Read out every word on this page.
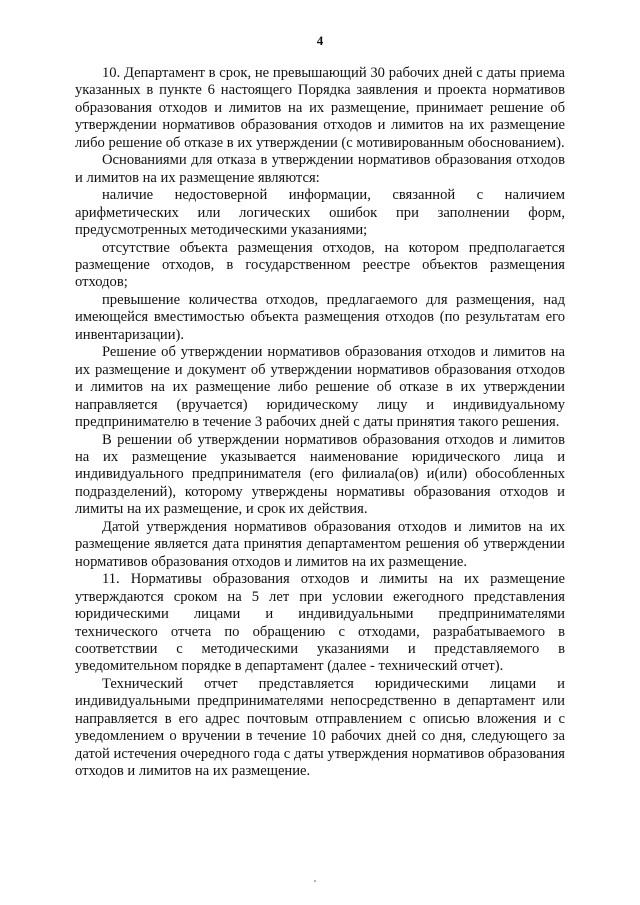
4

10. Департамент в срок, не превышающий 30 рабочих дней с даты приема указанных в пункте 6 настоящего Порядка заявления и проекта нормативов образования отходов и лимитов на их размещение, принимает решение об утверждении нормативов образования отходов и лимитов на их размещение либо решение об отказе в их утверждении (с мотивированным обоснованием).

Основаниями для отказа в утверждении нормативов образования отходов и лимитов на их размещение являются:

наличие недостоверной информации, связанной с наличием арифметических или логических ошибок при заполнении форм, предусмотренных методическими указаниями;

отсутствие объекта размещения отходов, на котором предполагается размещение отходов, в государственном реестре объектов размещения отходов;

превышение количества отходов, предлагаемого для размещения, над имеющейся вместимостью объекта размещения отходов (по результатам его инвентаризации).

Решение об утверждении нормативов образования отходов и лимитов на их размещение и документ об утверждении нормативов образования отходов и лимитов на их размещение либо решение об отказе в их утверждении направляется (вручается) юридическому лицу и индивидуальному предпринимателю в течение 3 рабочих дней с даты принятия такого решения.

В решении об утверждении нормативов образования отходов и лимитов на их размещение указывается наименование юридического лица и индивидуального предпринимателя (его филиала(ов) и(или) обособленных подразделений), которому утверждены нормативы образования отходов и лимиты на их размещение, и срок их действия.

Датой утверждения нормативов образования отходов и лимитов на их размещение является дата принятия департаментом решения об утверждении нормативов образования отходов и лимитов на их размещение.

11. Нормативы образования отходов и лимиты на их размещение утверждаются сроком на 5 лет при условии ежегодного представления юридическими лицами и индивидуальными предпринимателями технического отчета по обращению с отходами, разрабатываемого в соответствии с методическими указаниями и представляемого в уведомительном порядке в департамент (далее - технический отчет).

Технический отчет представляется юридическими лицами и индивидуальными предпринимателями непосредственно в департамент или направляется в его адрес почтовым отправлением с описью вложения и с уведомлением о вручении в течение 10 рабочих дней со дня, следующего за датой истечения очередного года с даты утверждения нормативов образования отходов и лимитов на их размещение.
